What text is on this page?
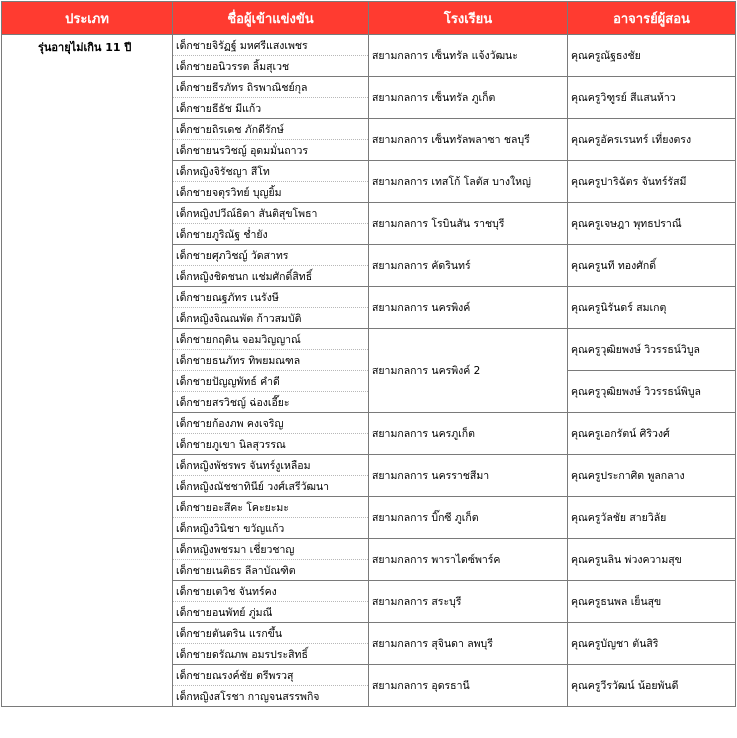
ประเภท	ชื่อผู้เข้าแข่งขัน	โรงเรียน	อาจารย์ผู้สอน
รุ่นอายุไม่เกิน 11 ปี	เด็กชายจิรัฏฐ์ มหศรีแสงเพชร	สยามกลการ เซ็นทรัล แจ้งวัฒนะ	คุณครูณัฐธงชัย
	เด็กชายอนิวรรต ลิ้มสุเวช		
	เด็กชายธีรภัทร ถิรพาณิชย์กุล	สยามกลการ เซ็นทรัล ภูเก็ต	คุณครูวิฑูรย์ สีแสนห้าว
	เด็กชายธีธัช มีแก้ว		
	เด็กชายถิรเดช ภักดีรักษ์	สยามกลการ เซ็นทรัลพลาซา ชลบุรี	คุณครูอัครเรนทร์ เที่ยงตรง
	เด็กชายนรวิชญ์ อุดมมั่นถาวร		
	เด็กหญิงจิรัชญา สีโท	สยามกลการ เทสโก้ โลตัส บางใหญ่	คุณครูปาริฉัตร จันทร์รัสมี
	เด็กชายจตุรวิทย์ บุญยิ้ม		
	เด็กหญิงปวีณ์ธิดา สันติสุขโพธา	สยามกลการ โรบินสัน ราชบุรี	คุณครูเจษฎา พุทธปราณี
	เด็กชายภูริณัฐ ช่ำยัง		
	เด็กชายศุภวิชญ์ วัดสาทร	สยามกลการ คัดรินทร์	คุณครูนที ทองศักดิ์
	เด็กหญิงชิดชนก แช่มศักดิ์สิทธิ์		
	เด็กชายณฐภัทร เนรังษี	สยามกลการ นครพิงค์	คุณครูนิรันดร์ สมเกตุ
	เด็กหญิงจิณณพัต ก้าวสมบัติ		
	เด็กชายกฤติน จอมวิญญาณ์	สยามกลการ นครพิงค์ 2	คุณครูวุฒิยพงษ์ วิวรรธน์วิบูล
	เด็กชายธนภัทร ทิพยมณฑล		
	เด็กชายปัญญพัทธ์ คำดี		คุณครูวุฒิยพงษ์ วิวรรธน์พิบูล
	เด็กชายสรวิชญ์ ฉ่องเอี๊ยะ		
	เด็กชายก้องภพ คงเจริญ	สยามกลการ นครภูเก็ต	คุณครูเอกรัตน์ ศิริวงศ์
	เด็กชายภูเขา นิลสุวรรณ		
	เด็กหญิงพัชรพร จันทร์งูเหลือม	สยามกลการ นครราชสีมา	คุณครูประกาศิต พูลกลาง
	เด็กหญิงณัชชาทินีย์ วงศ์เสรีวัฒนา		
	เด็กชายอะสึคะ โคะยะมะ	สยามกลการ บิ๊กซี ภูเก็ต	คุณครูวัลชัย สายวิลัย
	เด็กหญิงวินิชา ขวัญแก้ว		
	เด็กหญิงพชรมา เชี่ยวชาญ	สยามกลการ พาราไดซ์พาร์ค	คุณครูนลิน พ่วงความสุข
	เด็กชายเนติธร ลีลาบัณฑิต		
	เด็กชายเตวิช จันทร์คง	สยามกลการ สระบุรี	คุณครูธนพล เย็นสุข
	เด็กชายอนพัทย์ ภู่มณี		
	เด็กชายตันตริน แรกขึ้น	สยามกลการ สุจินดา ลพบุรี	คุณครูบัญชา ตันสิริ
	เด็กชายดรัณภพ อมรประสิทธิ์		
	เด็กชายณรงค์ชัย ตรีพรวสุ	สยามกลการ อุดรธานี	คุณครูวีรวัฒน์ น้อยพันดี
	เด็กหญิงสโรชา กาญจนสรรพกิจ		
